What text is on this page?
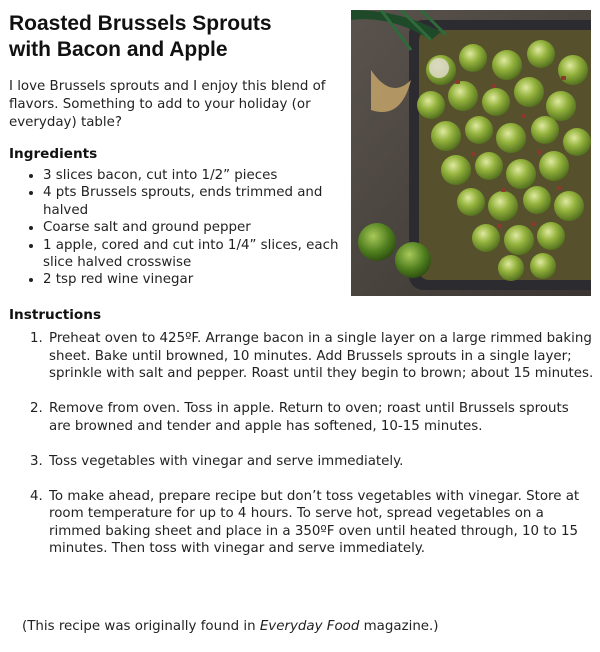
Roasted Brussels Sprouts
with Bacon and Apple

I love Brussels sprouts and I enjoy this blend of flavors. Something to add to your holiday (or everyday) table?

Ingredients
• 3 slices bacon, cut into 1/2” pieces
• 4 pts Brussels sprouts, ends trimmed and halved
• Coarse salt and ground pepper
• 1 apple, cored and cut into 1/4” slices, each slice halved crosswise
• 2 tsp red wine vinegar
Instructions
1. Preheat oven to 425ºF. Arrange bacon in a single layer on a large rimmed baking sheet. Bake until browned, 10 minutes. Add Brussels sprouts in a single layer; sprinkle with salt and pepper. Roast until they begin to brown; about 15 minutes.
2. Remove from oven. Toss in apple. Return to oven; roast until Brussels sprouts are browned and tender and apple has softened, 10-15 minutes.
3. Toss vegetables with vinegar and serve immediately.
4. To make ahead, prepare recipe but don’t toss vegetables with vinegar. Store at room temperature for up to 4 hours. To serve hot, spread vegetables on a rimmed baking sheet and place in a 350ºF oven until heated through, 10 to 15 minutes. Then toss with vinegar and serve immediately.

(This recipe was originally found in Everyday Food magazine.)
